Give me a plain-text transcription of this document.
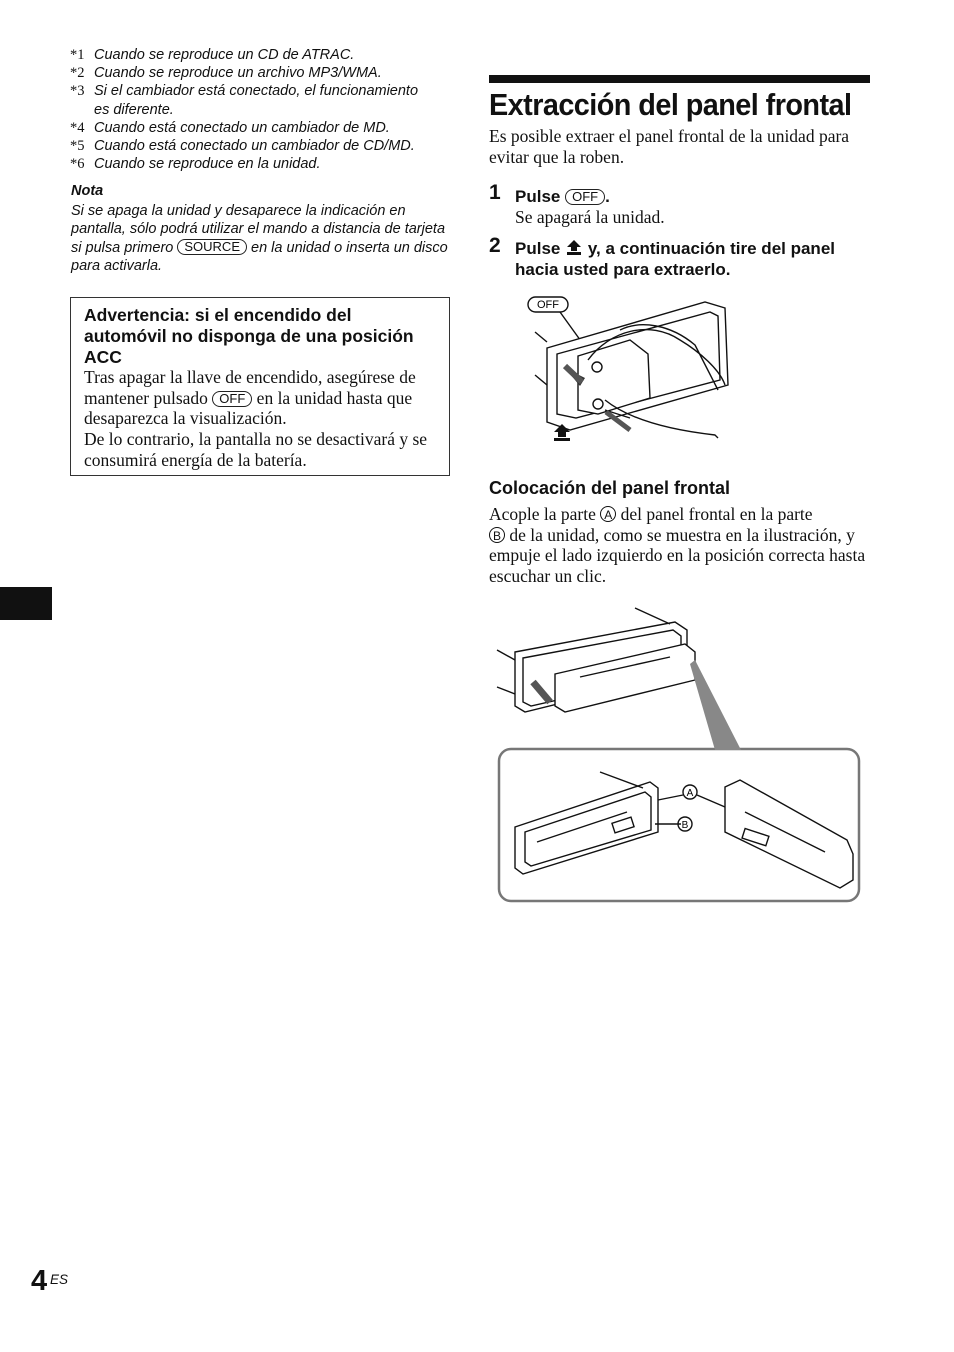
*1 Cuando se reproduce un CD de ATRAC.
*2 Cuando se reproduce un archivo MP3/WMA.
*3 Si el cambiador está conectado, el funcionamiento
es diferente.
*4 Cuando está conectado un cambiador de MD.
*5 Cuando está conectado un cambiador de CD/MD.
*6 Cuando se reproduce en la unidad.
Nota
Si se apaga la unidad y desaparece la indicación en pantalla, sólo podrá utilizar el mando a distancia de tarjeta si pulsa primero SOURCE en la unidad o inserta un disco para activarla.
Advertencia: si el encendido del automóvil no disponga de una posición ACC
Tras apagar la llave de encendido, asegúrese de mantener pulsado OFF en la unidad hasta que desaparezca la visualización.
De lo contrario, la pantalla no se desactivará y se consumirá energía de la batería.
Extracción del panel frontal
Es posible extraer el panel frontal de la unidad para evitar que la roben.
1 Pulse OFF .
Se apagará la unidad.
2 Pulse  y, a continuación tire del panel hacia usted para extraerlo.
OFF
Colocación del panel frontal
Acople la parte A del panel frontal en la parte
B de la unidad, como se muestra en la ilustración, y empuje el lado izquierdo en la posición correcta hasta escuchar un clic.
A
B
4 ES
